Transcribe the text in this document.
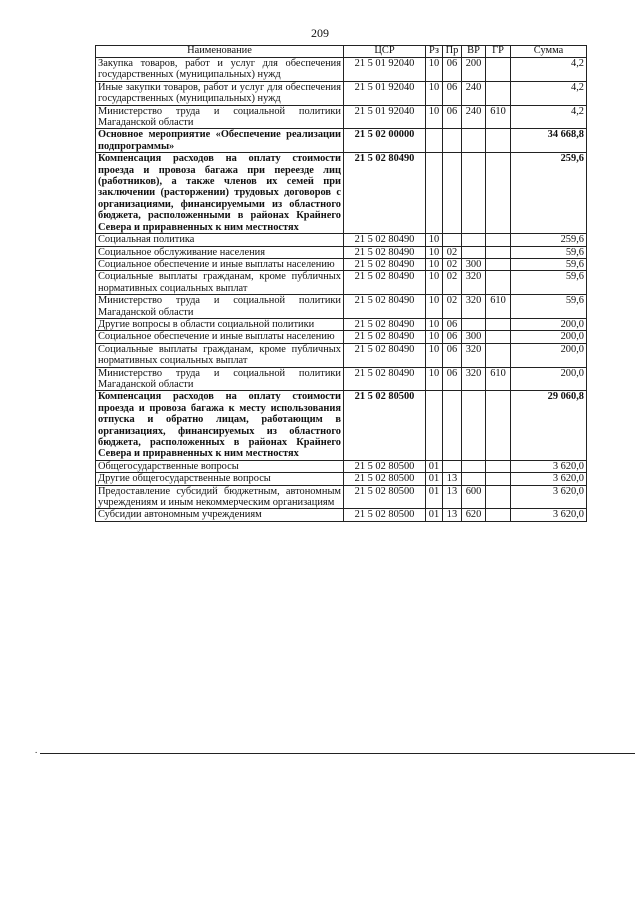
209
Наименование	ЦСР	Рз	Пр	ВР	ГР	Сумма
Закупка товаров, работ и услуг для обеспечения государственных (муниципальных) нужд	21 5 01 92040	10	06	200		4,2
Иные закупки товаров, работ и услуг для обеспечения государственных (муниципальных) нужд	21 5 01 92040	10	06	240		4,2
Министерство труда и социальной политики Магаданской области	21 5 01 92040	10	06	240	610	4,2
Основное мероприятие «Обеспечение реализации подпрограммы»	21 5 02 00000					34 668,8
Компенсация расходов на оплату стоимости проезда и провоза багажа при переезде лиц (работников), а также членов их семей при заключении (расторжении) трудовых договоров с организациями, финансируемыми из областного бюджета, расположенными в районах Крайнего Севера и приравненных к ним местностях	21 5 02 80490					259,6
Социальная политика	21 5 02 80490	10				259,6
Социальное обслуживание населения	21 5 02 80490	10	02			59,6
Социальное обеспечение и иные выплаты населению	21 5 02 80490	10	02	300		59,6
Социальные выплаты гражданам, кроме публичных нормативных социальных выплат	21 5 02 80490	10	02	320		59,6
Министерство труда и социальной политики Магаданской области	21 5 02 80490	10	02	320	610	59,6
Другие вопросы в области социальной политики	21 5 02 80490	10	06			200,0
Социальное обеспечение и иные выплаты населению	21 5 02 80490	10	06	300		200,0
Социальные выплаты гражданам, кроме публичных нормативных социальных выплат	21 5 02 80490	10	06	320		200,0
Министерство труда и социальной политики Магаданской области	21 5 02 80490	10	06	320	610	200,0
Компенсация расходов на оплату стоимости проезда и провоза багажа к месту использования отпуска и обратно лицам, работающим в организациях, финансируемых из областного бюджета, расположенных в районах Крайнего Севера и приравненных к ним местностях	21 5 02 80500					29 060,8
Общегосударственные вопросы	21 5 02 80500	01				3 620,0
Другие общегосударственные вопросы	21 5 02 80500	01	13			3 620,0
Предоставление субсидий бюджетным, автономным учреждениям и иным некоммерческим организациям	21 5 02 80500	01	13	600		3 620,0
Субсидии автономным учреждениям	21 5 02 80500	01	13	620		3 620,0
.
